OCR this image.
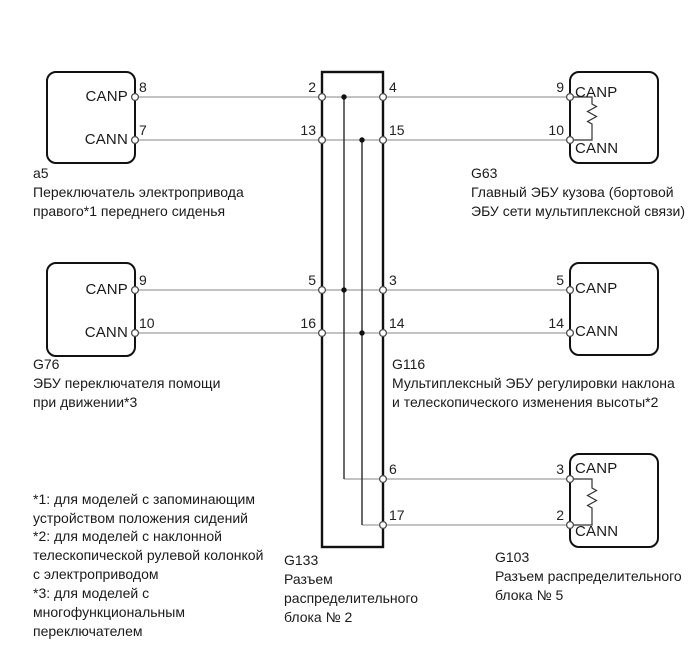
CANP
CANN
CANP
CANN
CANP
CANN
CANP
CANN
CANP
CANN
8
7
9
10
2
13
5
16
4
15
3
14
6
17
9
10
5
14
3
2
a5
Переключатель электропривода
правого*1 переднего сиденья
G63
Главный ЭБУ кузова (бортовой
ЭБУ сети мультиплексной связи)
G76
ЭБУ переключателя помощи
при движении*3
G116
Мультиплексный ЭБУ регулировки наклона
и телескопического изменения высоты*2
G133
Разъем
распределительного
блока № 2
G103
Разъем распределительного
блока № 5
*1: для моделей с запоминающим
устройством положения сидений
*2: для моделей с наклонной
телескопической рулевой колонкой
с электроприводом
*3: для моделей с
многофункциональным
переключателем
